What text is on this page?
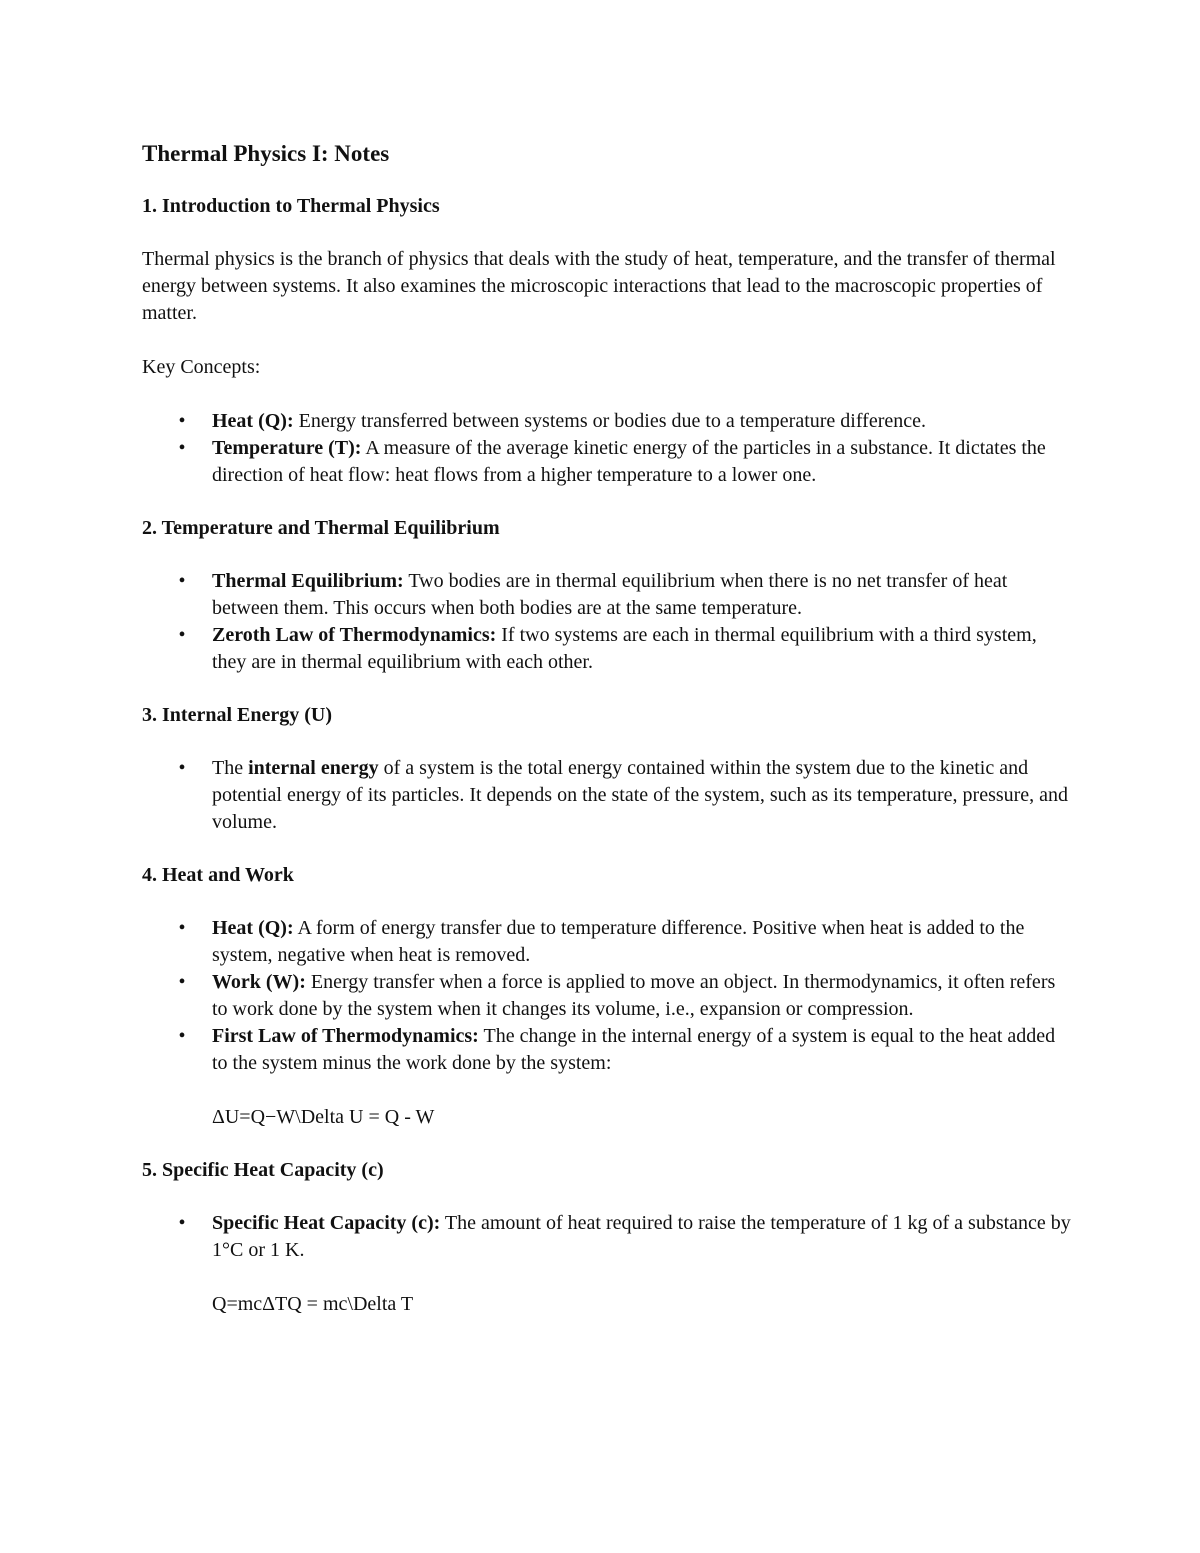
Thermal Physics I: Notes
1. Introduction to Thermal Physics

Thermal physics is the branch of physics that deals with the study of heat, temperature, and the transfer of thermal energy between systems. It also examines the microscopic interactions that lead to the macroscopic properties of matter.

Key Concepts:

•	Heat (Q): Energy transferred between systems or bodies due to a temperature difference.
•	Temperature (T): A measure of the average kinetic energy of the particles in a substance. It dictates the direction of heat flow: heat flows from a higher temperature to a lower one.
2. Temperature and Thermal Equilibrium
•	Thermal Equilibrium: Two bodies are in thermal equilibrium when there is no net transfer of heat between them. This occurs when both bodies are at the same temperature.
•	Zeroth Law of Thermodynamics: If two systems are each in thermal equilibrium with a third system, they are in thermal equilibrium with each other.
3. Internal Energy (U)
•	The internal energy of a system is the total energy contained within the system due to the kinetic and potential energy of its particles. It depends on the state of the system, such as its temperature, pressure, and volume.
4. Heat and Work
•	Heat (Q): A form of energy transfer due to temperature difference. Positive when heat is added to the system, negative when heat is removed.
•	Work (W): Energy transfer when a force is applied to move an object. In thermodynamics, it often refers to work done by the system when it changes its volume, i.e., expansion or compression.
•	First Law of Thermodynamics: The change in the internal energy of a system is equal to the heat added to the system minus the work done by the system:
ΔU=Q−W\Delta U = Q - W
5. Specific Heat Capacity (c)
•	Specific Heat Capacity (c): The amount of heat required to raise the temperature of 1 kg of a substance by 1°C or 1 K.
Q=mcΔTQ = mc\Delta T
